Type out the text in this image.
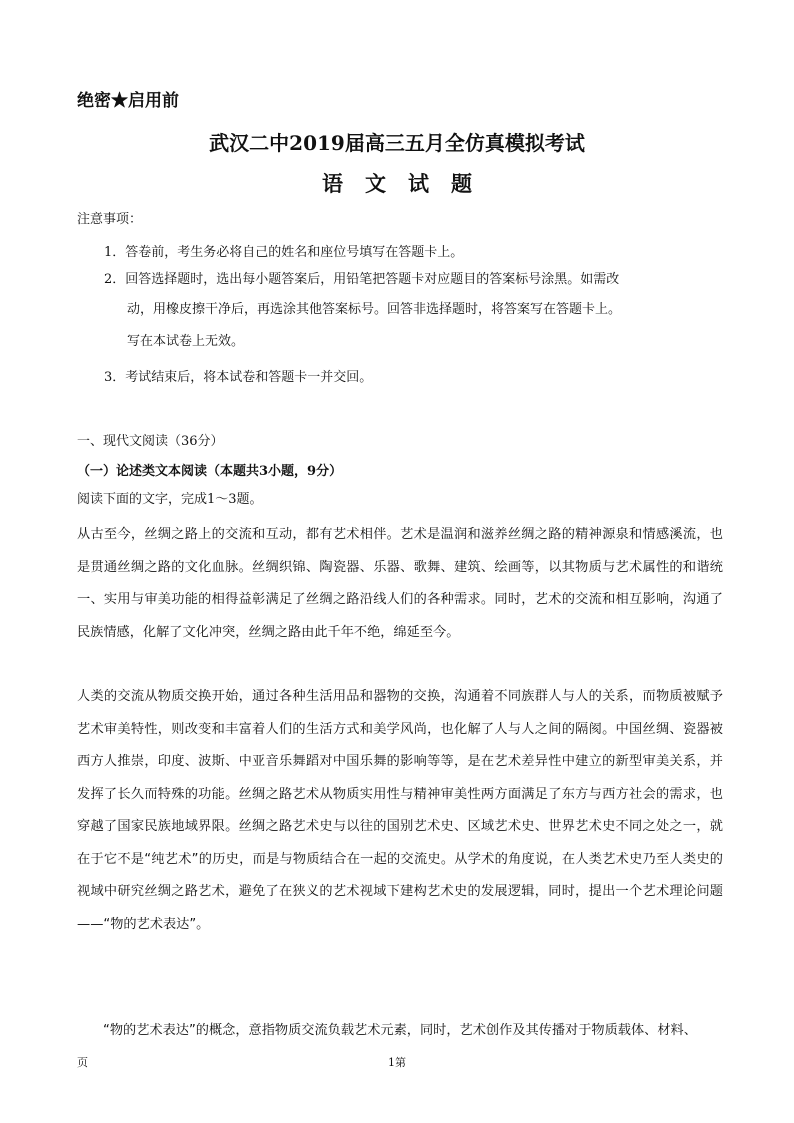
绝密★启用前
武汉二中2019届高三五月全仿真模拟考试
语文试题
注意事项：
1．答卷前，考生务必将自己的姓名和座位号填写在答题卡上。
2．回答选择题时，选出每小题答案后，用铅笔把答题卡对应题目的答案标号涂黑。如需改
动，用橡皮擦干净后，再选涂其他答案标号。回答非选择题时，将答案写在答题卡上。
写在本试卷上无效。
3．考试结束后，将本试卷和答题卡一并交回。
一、现代文阅读（36分）
（一）论述类文本阅读（本题共3小题，9分）
阅读下面的文字，完成1～3题。
从古至今，丝绸之路上的交流和互动，都有艺术相伴。艺术是温润和滋养丝绸之路的精神源泉和情感溪流，也是贯通丝绸之路的文化血脉。丝绸织锦、陶瓷器、乐器、歌舞、建筑、绘画等，以其物质与艺术属性的和谐统一、实用与审美功能的相得益彰满足了丝绸之路沿线人们的各种需求。同时，艺术的交流和相互影响，沟通了民族情感，化解了文化冲突，丝绸之路由此千年不绝，绵延至今。
人类的交流从物质交换开始，通过各种生活用品和器物的交换，沟通着不同族群人与人的关系，而物质被赋予艺术审美特性，则改变和丰富着人们的生活方式和美学风尚，也化解了人与人之间的隔阂。中国丝绸、瓷器被西方人推崇，印度、波斯、中亚音乐舞蹈对中国乐舞的影响等等，是在艺术差异性中建立的新型审美关系，并发挥了长久而特殊的功能。丝绸之路艺术从物质实用性与精神审美性两方面满足了东方与西方社会的需求，也穿越了国家民族地域界限。丝绸之路艺术史与以往的国别艺术史、区域艺术史、世界艺术史不同之处之一，就在于它不是“纯艺术”的历史，而是与物质结合在一起的交流史。从学术的角度说，在人类艺术史乃至人类史的视域中研究丝绸之路艺术，避免了在狭义的艺术视域下建构艺术史的发展逻辑，同时，提出一个艺术理论问题——“物的艺术表达”。
“物的艺术表达”的概念，意指物质交流负载艺术元素，同时，艺术创作及其传播对于物质载体、材料、
页	1第
